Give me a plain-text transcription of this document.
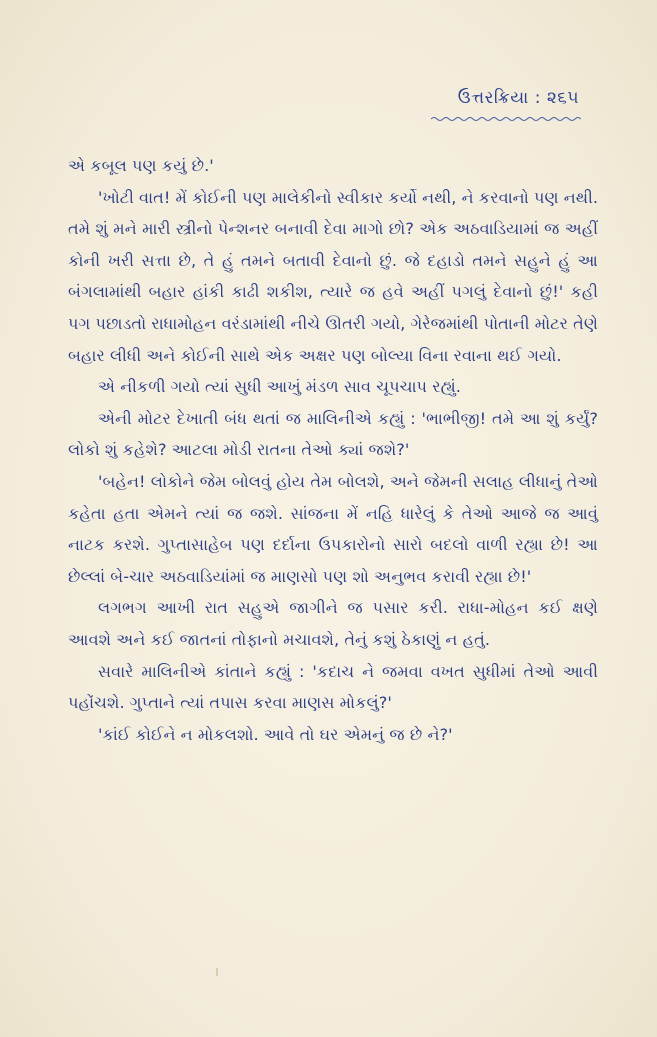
ઉત્તરક્રિયા : ૨૬૫

એ કબૂલ પણ કયું છે.'

'ખોટી વાત! મેં કોઈની પણ માલેકીનો સ્વીકાર કર્યો નથી, ને કરવાનો પણ નથી. તમે શું મને મારી સ્ત્રીનો પેન્શનર બનાવી દેવા માગો છો? એક અઠવાડિયામાં જ અહીં કોની ખરી સત્તા છે, તે હું તમને બતાવી દેવાનો છું. જે દહાડો તમને સહુને હું આ બંગલામાંથી બહાર હાંકી કાઢી શકીશ, ત્યારે જ હવે અહીં પગલું દેવાનો છું!' કહી પગ પછાડતો રાધામોહન વરંડામાંથી નીચે ઊતરી ગયો, ગેરેજમાંથી પોતાની મોટર તેણે બહાર લીધી અને કોઈની સાથે એક અક્ષર પણ બોલ્યા વિના રવાના થઈ ગયો.

એ નીકળી ગયો ત્યાં સુધી આખું મંડળ સાવ ચૂપચાપ રહ્યું.

એની મોટર દેખાતી બંધ થતાં જ માલિનીએ કહ્યું : 'ભાભીજી! તમે આ શું કર્યું? લોકો શું કહેશે? આટલા મોડી રાતના તેઓ ક્યાં જશે?'

'બહેન! લોકોને જેમ બોલવું હોય તેમ બોલશે, અને જેમની સલાહ લીધાનું તેઓ કહેતા હતા એમને ત્યાં જ જશે. સાંજના મેં નહિ ધારેલું કે તેઓ આજે જ આવું નાટક કરશે. ગુપ્તાસાહેબ પણ દર્દાના ઉપકારોનો સારો બદલો વાળી રહ્યા છે! આ છેલ્લાં બે-ચાર અઠવાડિયાંમાં જ માણસો પણ શો અનુભવ કરાવી રહ્યા છે!'

લગભગ આખી રાત સહુએ જાગીને જ પસાર કરી. રાધા-મોહન કઈ ક્ષણે આવશે અને કઈ જાતનાં તોફાનો મચાવશે, તેનું કશું ઠેકાણું ન હતું.

સવારે માલિનીએ કાંતાને કહ્યું : 'કદાચ ને જમવા વખત સુધીમાં તેઓ આવી પહોંચશે. ગુપ્તાને ત્યાં તપાસ કરવા માણસ મોકલું?'

'કાંઈ કોઈને ન મોકલશો. આવે તો ઘર એમનું જ છે ને?'
